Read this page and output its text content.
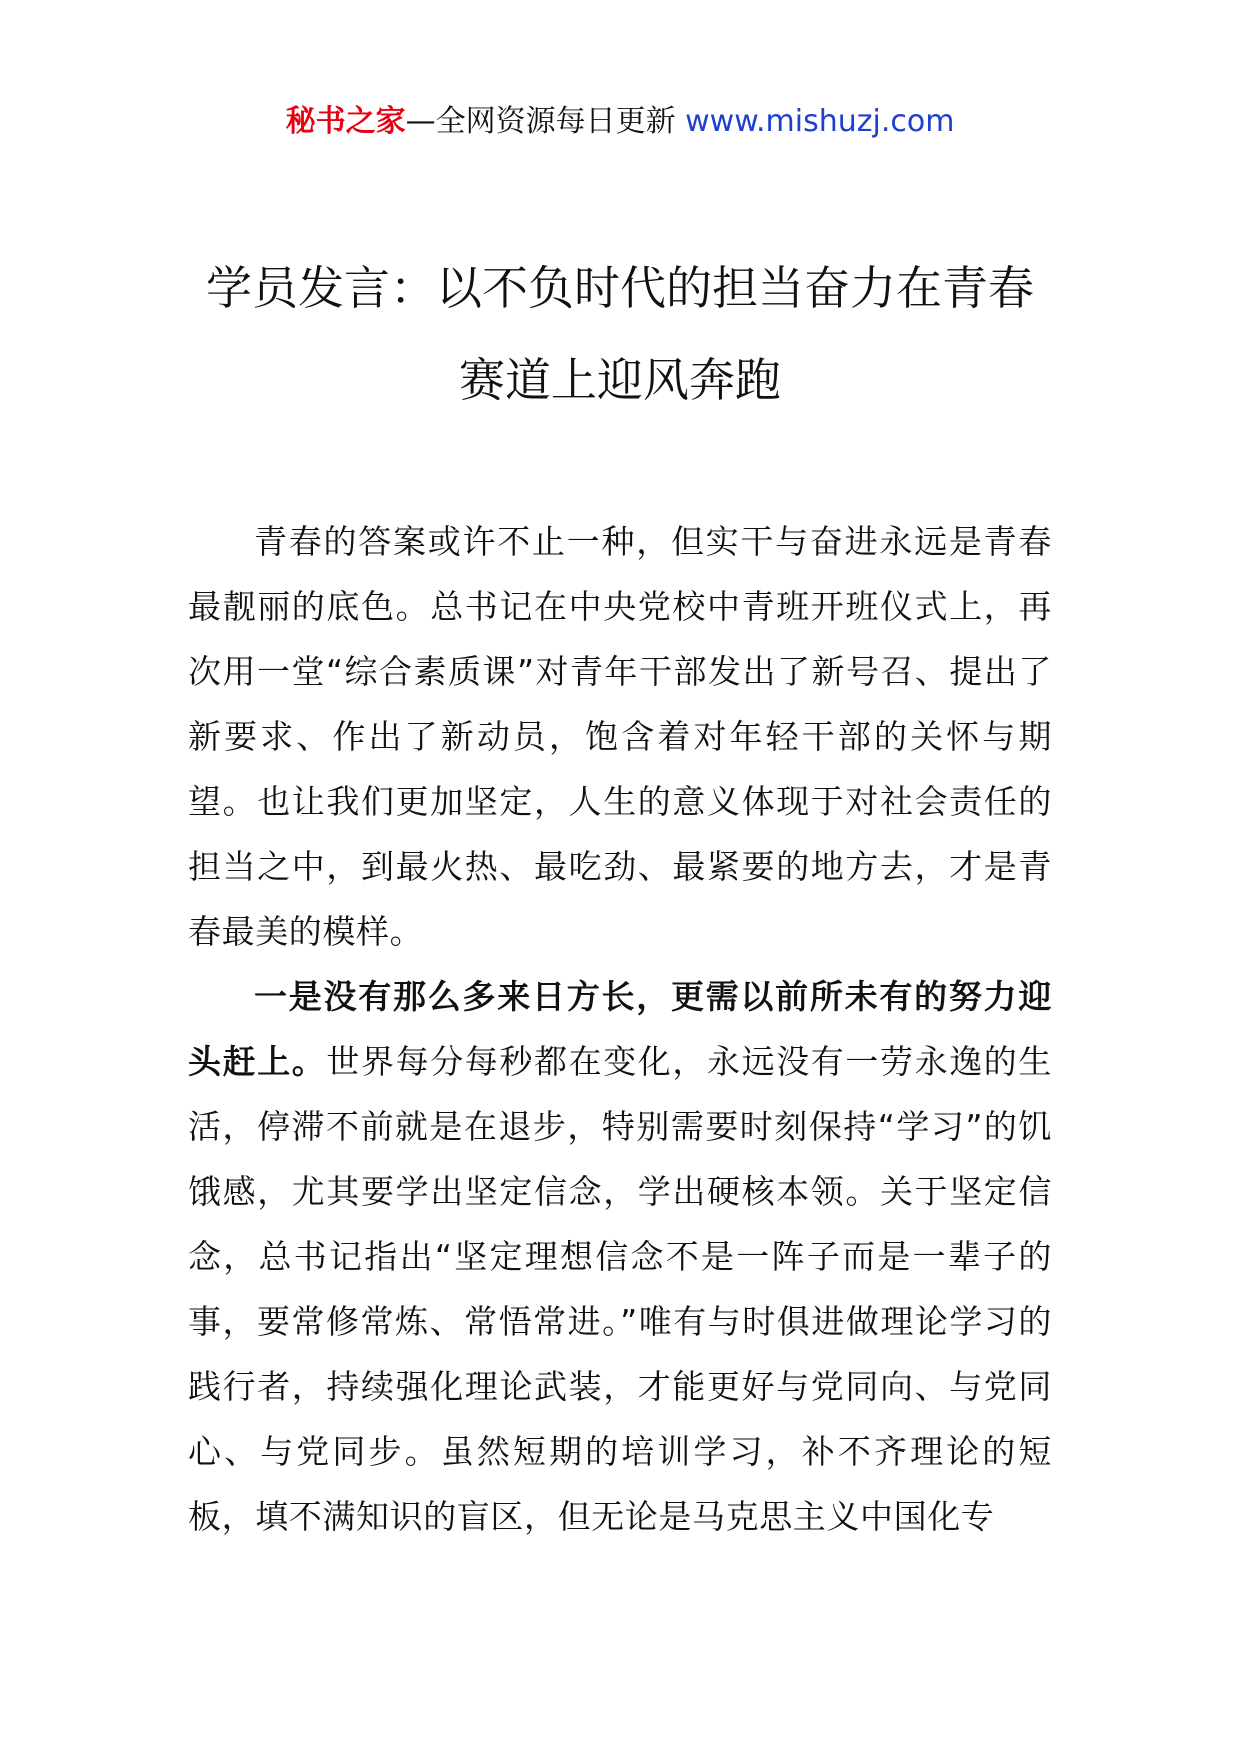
秘书之家—全网资源每日更新 www.mishuzj.com
学员发言：以不负时代的担当奋力在青春
赛道上迎风奔跑

青春的答案或许不止一种，但实干与奋进永远是青春最靓丽的底色。总书记在中央党校中青班开班仪式上，再次用一堂“综合素质课”对青年干部发出了新号召、提出了新要求、作出了新动员，饱含着对年轻干部的关怀与期望。也让我们更加坚定，人生的意义体现于对社会责任的担当之中，到最火热、最吃劲、最紧要的地方去，才是青春最美的模样。

一是没有那么多来日方长，更需以前所未有的努力迎头赶上。世界每分每秒都在变化，永远没有一劳永逸的生活，停滞不前就是在退步，特别需要时刻保持“学习”的饥饿感，尤其要学出坚定信念，学出硬核本领。关于坚定信念，总书记指出“坚定理想信念不是一阵子而是一辈子的事，要常修常炼、常悟常进。”唯有与时俱进做理论学习的践行者，持续强化理论武装，才能更好与党同向、与党同心、与党同步。虽然短期的培训学习，补不齐理论的短板，填不满知识的盲区，但无论是马克思主义中国化专
